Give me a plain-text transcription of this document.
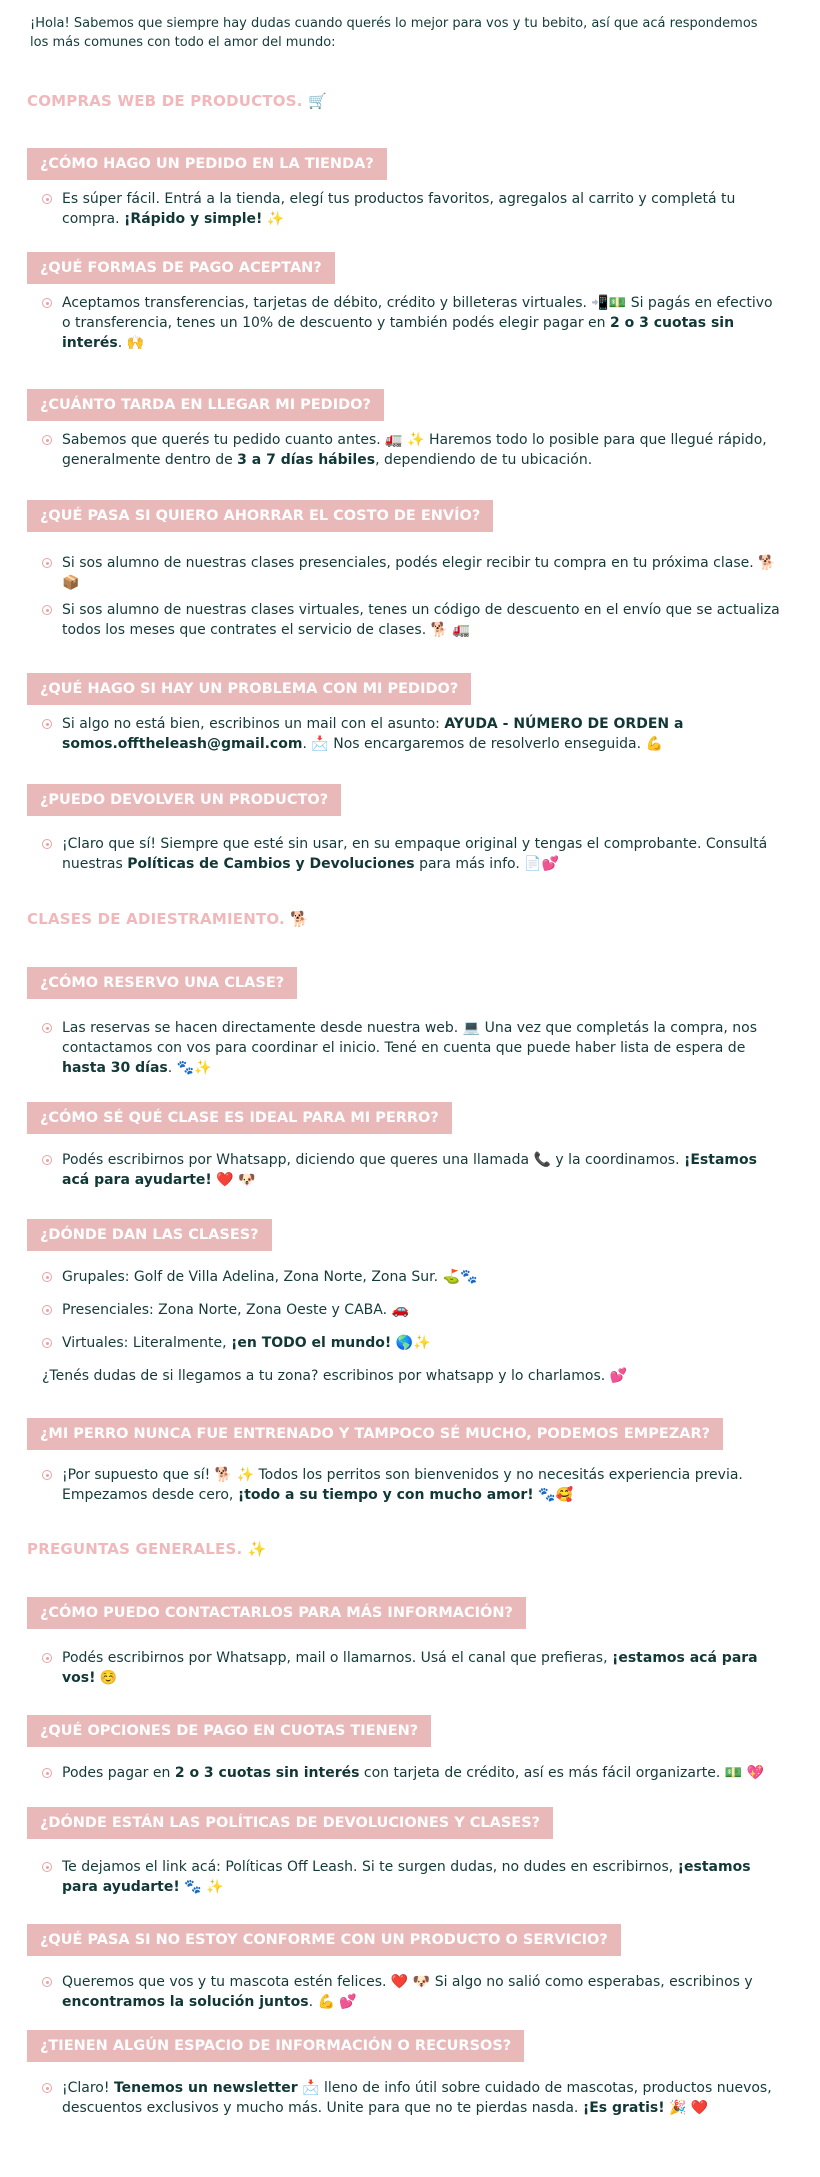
¡Hola! Sabemos que siempre hay dudas cuando querés lo mejor para vos y tu bebito, así que acá respondemos los más comunes con todo el amor del mundo:
COMPRAS WEB DE PRODUCTOS. 🛒
¿CÓMO HAGO UN PEDIDO EN LA TIENDA?
Es súper fácil. Entrá a la tienda, elegí tus productos favoritos, agregalos al carrito y completá tu compra. ¡Rápido y simple! ✨
¿QUÉ FORMAS DE PAGO ACEPTAN?
Aceptamos transferencias, tarjetas de débito, crédito y billeteras virtuales. 📲💵 Si pagás en efectivo o transferencia, tenes un 10% de descuento y también podés elegir pagar en 2 o 3 cuotas sin interés. 🙌
¿CUÁNTO TARDA EN LLEGAR MI PEDIDO?
Sabemos que querés tu pedido cuanto antes. 🚛 ✨ Haremos todo lo posible para que llegué rápido, generalmente dentro de 3 a 7 días hábiles, dependiendo de tu ubicación.
¿QUÉ PASA SI QUIERO AHORRAR EL COSTO DE ENVÍO?
Si sos alumno de nuestras clases presenciales, podés elegir recibir tu compra en tu próxima clase. 🐕 📦
Si sos alumno de nuestras clases virtuales, tenes un código de descuento en el envío que se actualiza todos los meses que contrates el servicio de clases. 🐕 🚛
¿QUÉ HAGO SI HAY UN PROBLEMA CON MI PEDIDO?
Si algo no está bien, escribinos un mail con el asunto: AYUDA - NÚMERO DE ORDEN a somos.offtheleash@gmail.com. 📩 Nos encargaremos de resolverlo enseguida. 💪
¿PUEDO DEVOLVER UN PRODUCTO?
¡Claro que sí! Siempre que esté sin usar, en su empaque original y tengas el comprobante. Consultá nuestras Políticas de Cambios y Devoluciones para más info. 📄💕
CLASES DE ADIESTRAMIENTO. 🐕
¿CÓMO RESERVO UNA CLASE?
Las reservas se hacen directamente desde nuestra web. 💻 Una vez que completás la compra, nos contactamos con vos para coordinar el inicio. Tené en cuenta que puede haber lista de espera de hasta 30 días. 🐾✨
¿CÓMO SÉ QUÉ CLASE ES IDEAL PARA MI PERRO?
Podés escribirnos por Whatsapp, diciendo que queres una llamada 📞 y la coordinamos. ¡Estamos acá para ayudarte! ❤️ 🐶
¿DÓNDE DAN LAS CLASES?
Grupales: Golf de Villa Adelina, Zona Norte, Zona Sur. ⛳🐾
Presenciales: Zona Norte, Zona Oeste y CABA. 🚗
Virtuales: Literalmente, ¡en TODO el mundo! 🌎✨
¿Tenés dudas de si llegamos a tu zona? escribinos por whatsapp y lo charlamos. 💕
¿MI PERRO NUNCA FUE ENTRENADO Y TAMPOCO SÉ MUCHO, PODEMOS EMPEZAR?
¡Por supuesto que sí! 🐕 ✨ Todos los perritos son bienvenidos y no necesitás experiencia previa. Empezamos desde cero, ¡todo a su tiempo y con mucho amor! 🐾🥰
PREGUNTAS GENERALES. ✨
¿CÓMO PUEDO CONTACTARLOS PARA MÁS INFORMACIÓN?
Podés escribirnos por Whatsapp, mail o llamarnos. Usá el canal que prefieras, ¡estamos acá para vos! ☺️
¿QUÉ OPCIONES DE PAGO EN CUOTAS TIENEN?
Podes pagar en 2 o 3 cuotas sin interés con tarjeta de crédito, así es más fácil organizarte. 💵 💖
¿DÓNDE ESTÁN LAS POLÍTICAS DE DEVOLUCIONES Y CLASES?
Te dejamos el link acá: Políticas Off Leash. Si te surgen dudas, no dudes en escribirnos, ¡estamos para ayudarte! 🐾 ✨
¿QUÉ PASA SI NO ESTOY CONFORME CON UN PRODUCTO O SERVICIO?
Queremos que vos y tu mascota estén felices. ❤️ 🐶 Si algo no salió como esperabas, escribinos y encontramos la solución juntos. 💪 💕
¿TIENEN ALGÚN ESPACIO DE INFORMACIÓN O RECURSOS?
¡Claro! Tenemos un newsletter 📩 lleno de info útil sobre cuidado de mascotas, productos nuevos, descuentos exclusivos y mucho más. Unite para que no te pierdas nasda. ¡Es gratis! 🎉 ❤️
